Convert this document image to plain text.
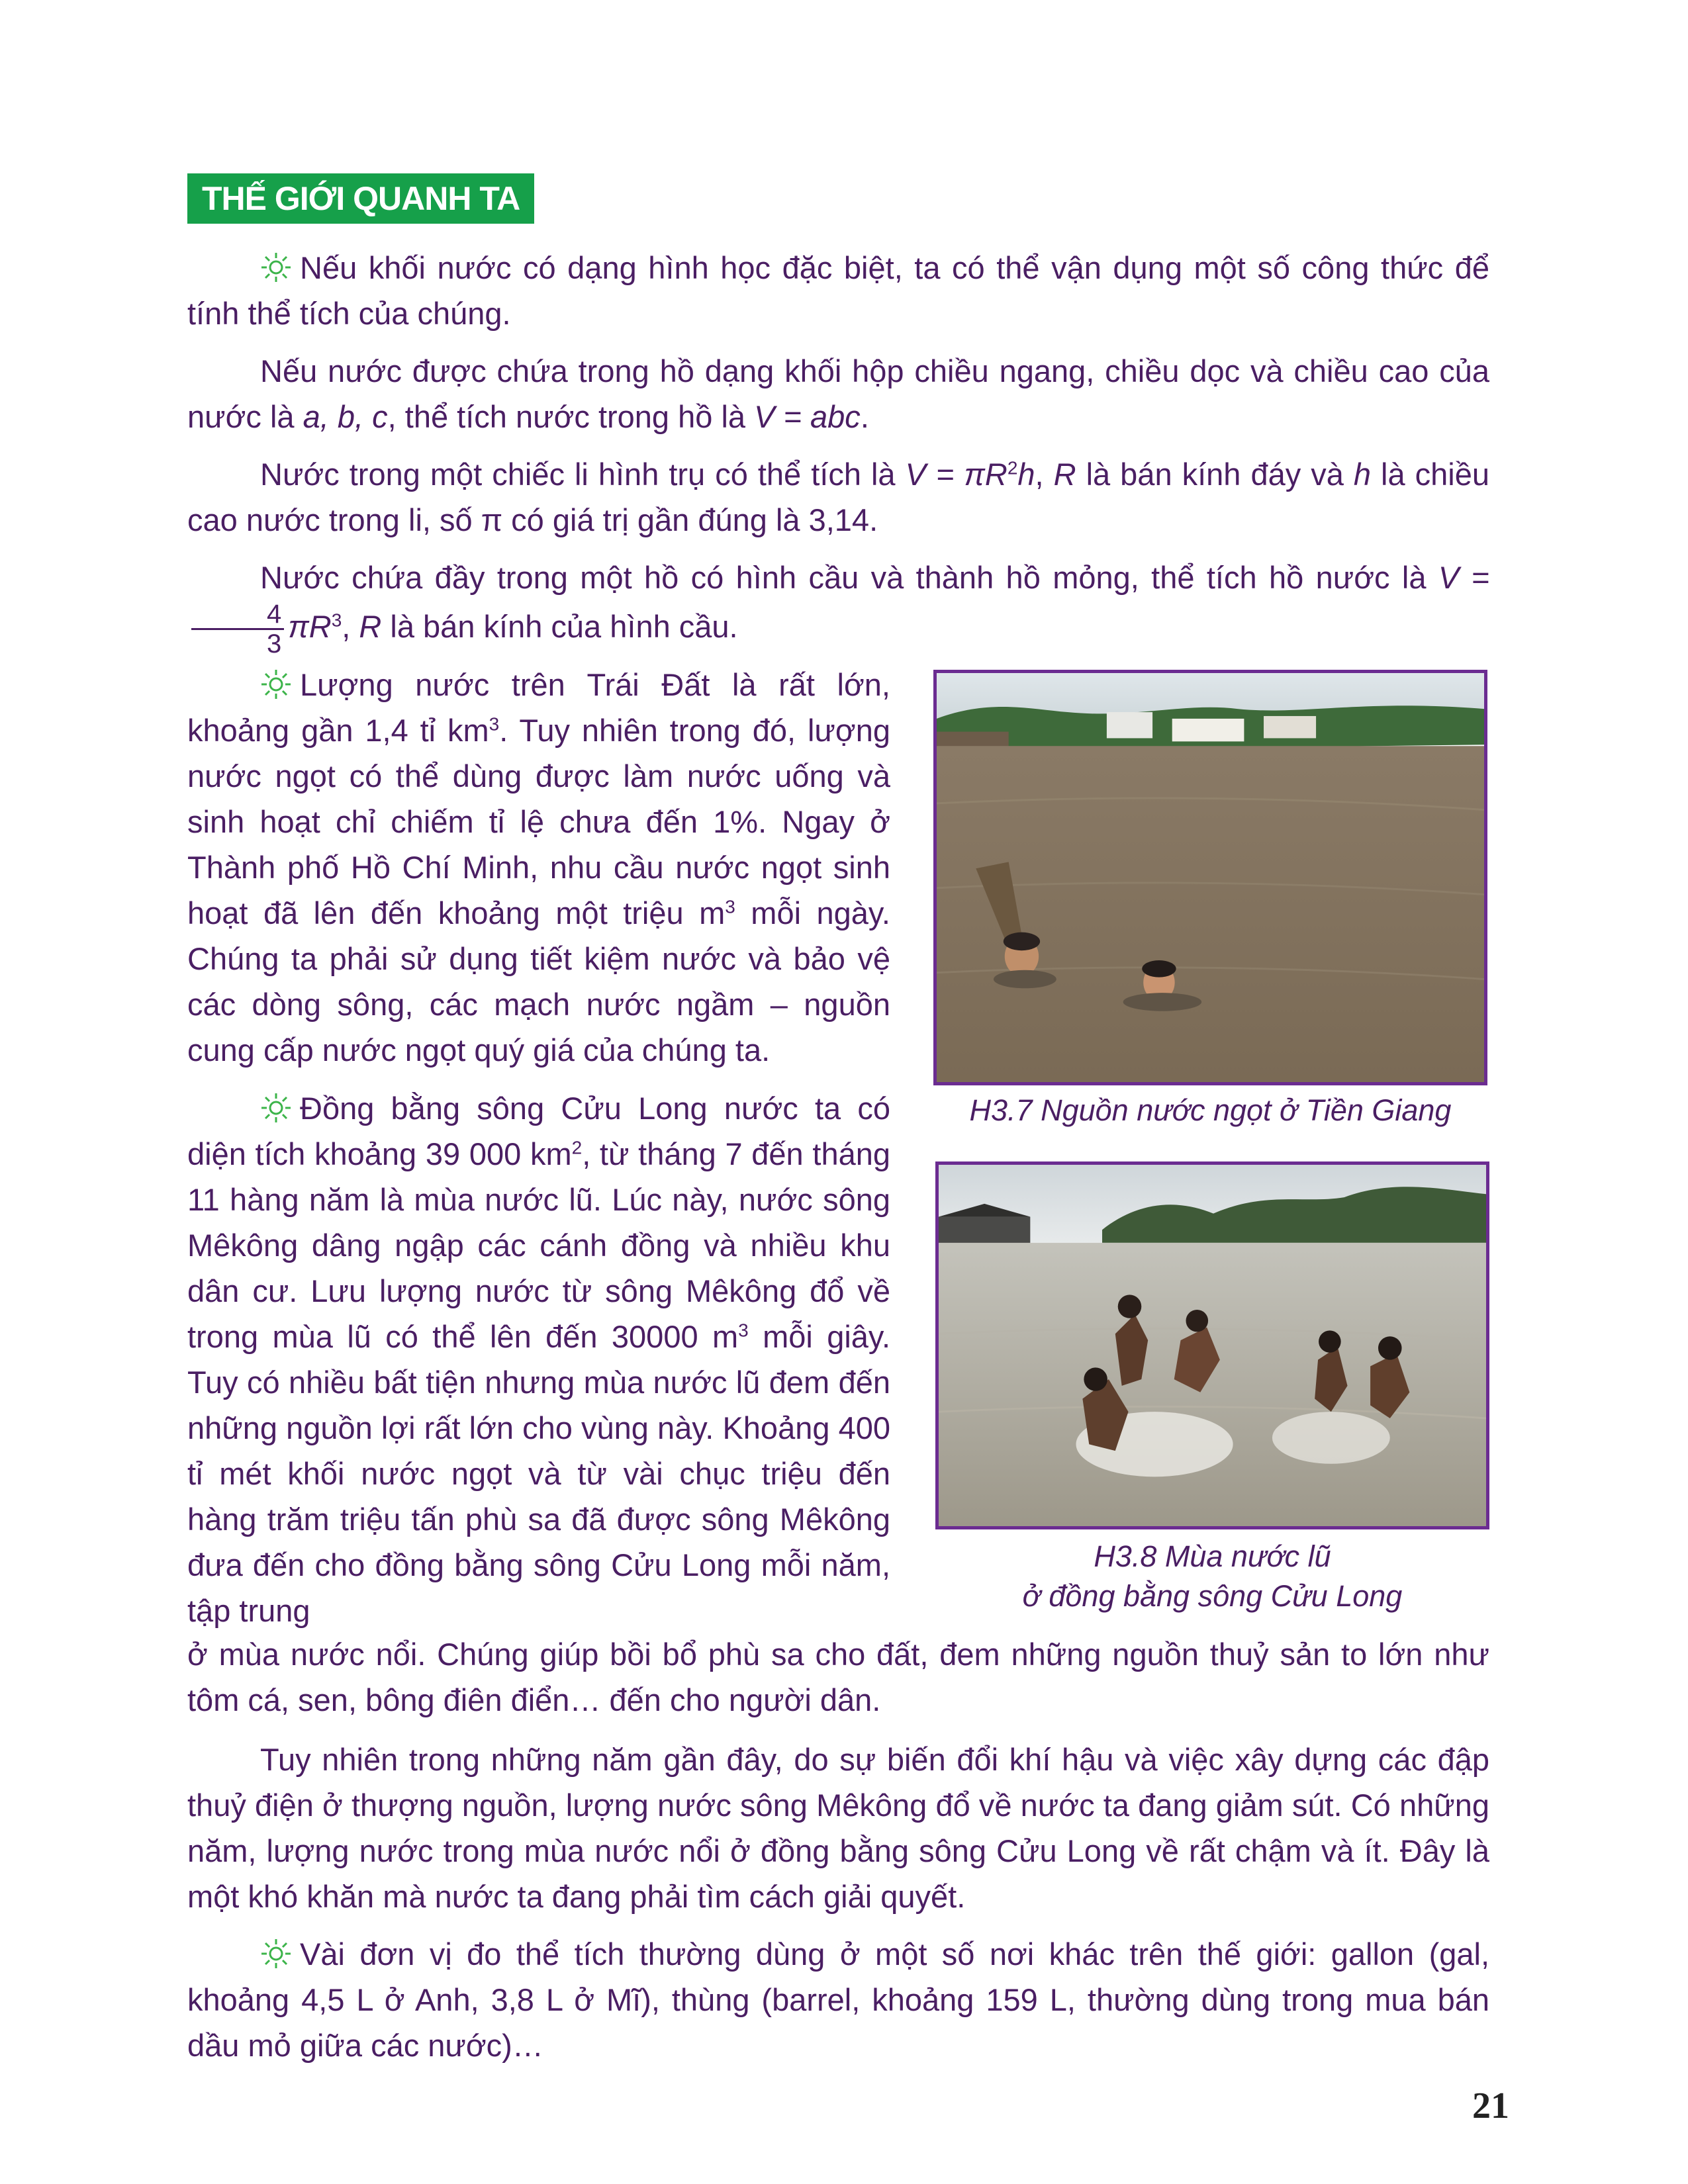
THẾ GIỚI QUANH TA

Nếu khối nước có dạng hình học đặc biệt, ta có thể vận dụng một số công thức để tính thể tích của chúng.

Nếu nước được chứa trong hồ dạng khối hộp chiều ngang, chiều dọc và chiều cao của nước là a, b, c, thể tích nước trong hồ là V = abc.

Nước trong một chiếc li hình trụ có thể tích là $V = \pi R^2h$, R là bán kính đáy và h là chiều cao nước trong li, số π có giá trị gần đúng là 3,14.

Nước chứa đầy trong một hồ có hình cầu và thành hồ mỏng, thể tích hồ nước là V =
$\frac{4}{3} \pi R^3$, R là bán kính của hình cầu.

Lượng nước trên Trái Đất là rất lớn, khoảng gần 1,4 tỉ $km^3$. Tuy nhiên trong đó, lượng nước ngọt có thể dùng được làm nước uống và sinh hoạt chỉ chiếm tỉ lệ chưa đến 1%. Ngay ở Thành phố Hồ Chí Minh, nhu cầu nước ngọt sinh hoạt đã lên đến khoảng một triệu $m^3$ mỗi ngày. Chúng ta phải sử dụng tiết kiệm nước và bảo vệ các dòng sông, các mạch nước ngầm – nguồn cung cấp nước ngọt quý giá của chúng ta.

Đồng bằng sông Cửu Long nước ta có diện tích khoảng 39 000 $km^2$, từ tháng 7 đến tháng 11 hàng năm là mùa nước lũ. Lúc này, nước sông Mêkông dâng ngập các cánh đồng và nhiều khu dân cư. Lưu lượng nước từ sông Mêkông đổ về trong mùa lũ có thể lên đến 30000 $m^3$ mỗi giây. Tuy có nhiều bất tiện nhưng mùa nước lũ đem đến những nguồn lợi rất lớn cho vùng này. Khoảng 400 tỉ mét khối nước ngọt và từ vài chục triệu đến hàng trăm triệu tấn phù sa đã được sông Mêkông đưa đến cho đồng bằng sông Cửu Long mỗi năm, tập trung

ở mùa nước nổi. Chúng giúp bồi bổ phù sa cho đất, đem những nguồn thuỷ sản to lớn như tôm cá, sen, bông điên điển… đến cho người dân.

Tuy nhiên trong những năm gần đây, do sự biến đổi khí hậu và việc xây dựng các đập thuỷ điện ở thượng nguồn, lượng nước sông Mêkông đổ về nước ta đang giảm sút. Có những năm, lượng nước trong mùa nước nổi ở đồng bằng sông Cửu Long về rất chậm và ít. Đây là một khó khăn mà nước ta đang phải tìm cách giải quyết.

Vài đơn vị đo thể tích thường dùng ở một số nơi khác trên thế giới: gallon (gal, khoảng 4,5 L ở Anh, 3,8 L ở Mĩ), thùng (barrel, khoảng 159 L, thường dùng trong mua bán dầu mỏ giữa các nước)…

H3.7 Nguồn nước ngọt ở Tiền Giang
H3.8 Mùa nước lũ
ở đồng bằng sông Cửu Long
21
